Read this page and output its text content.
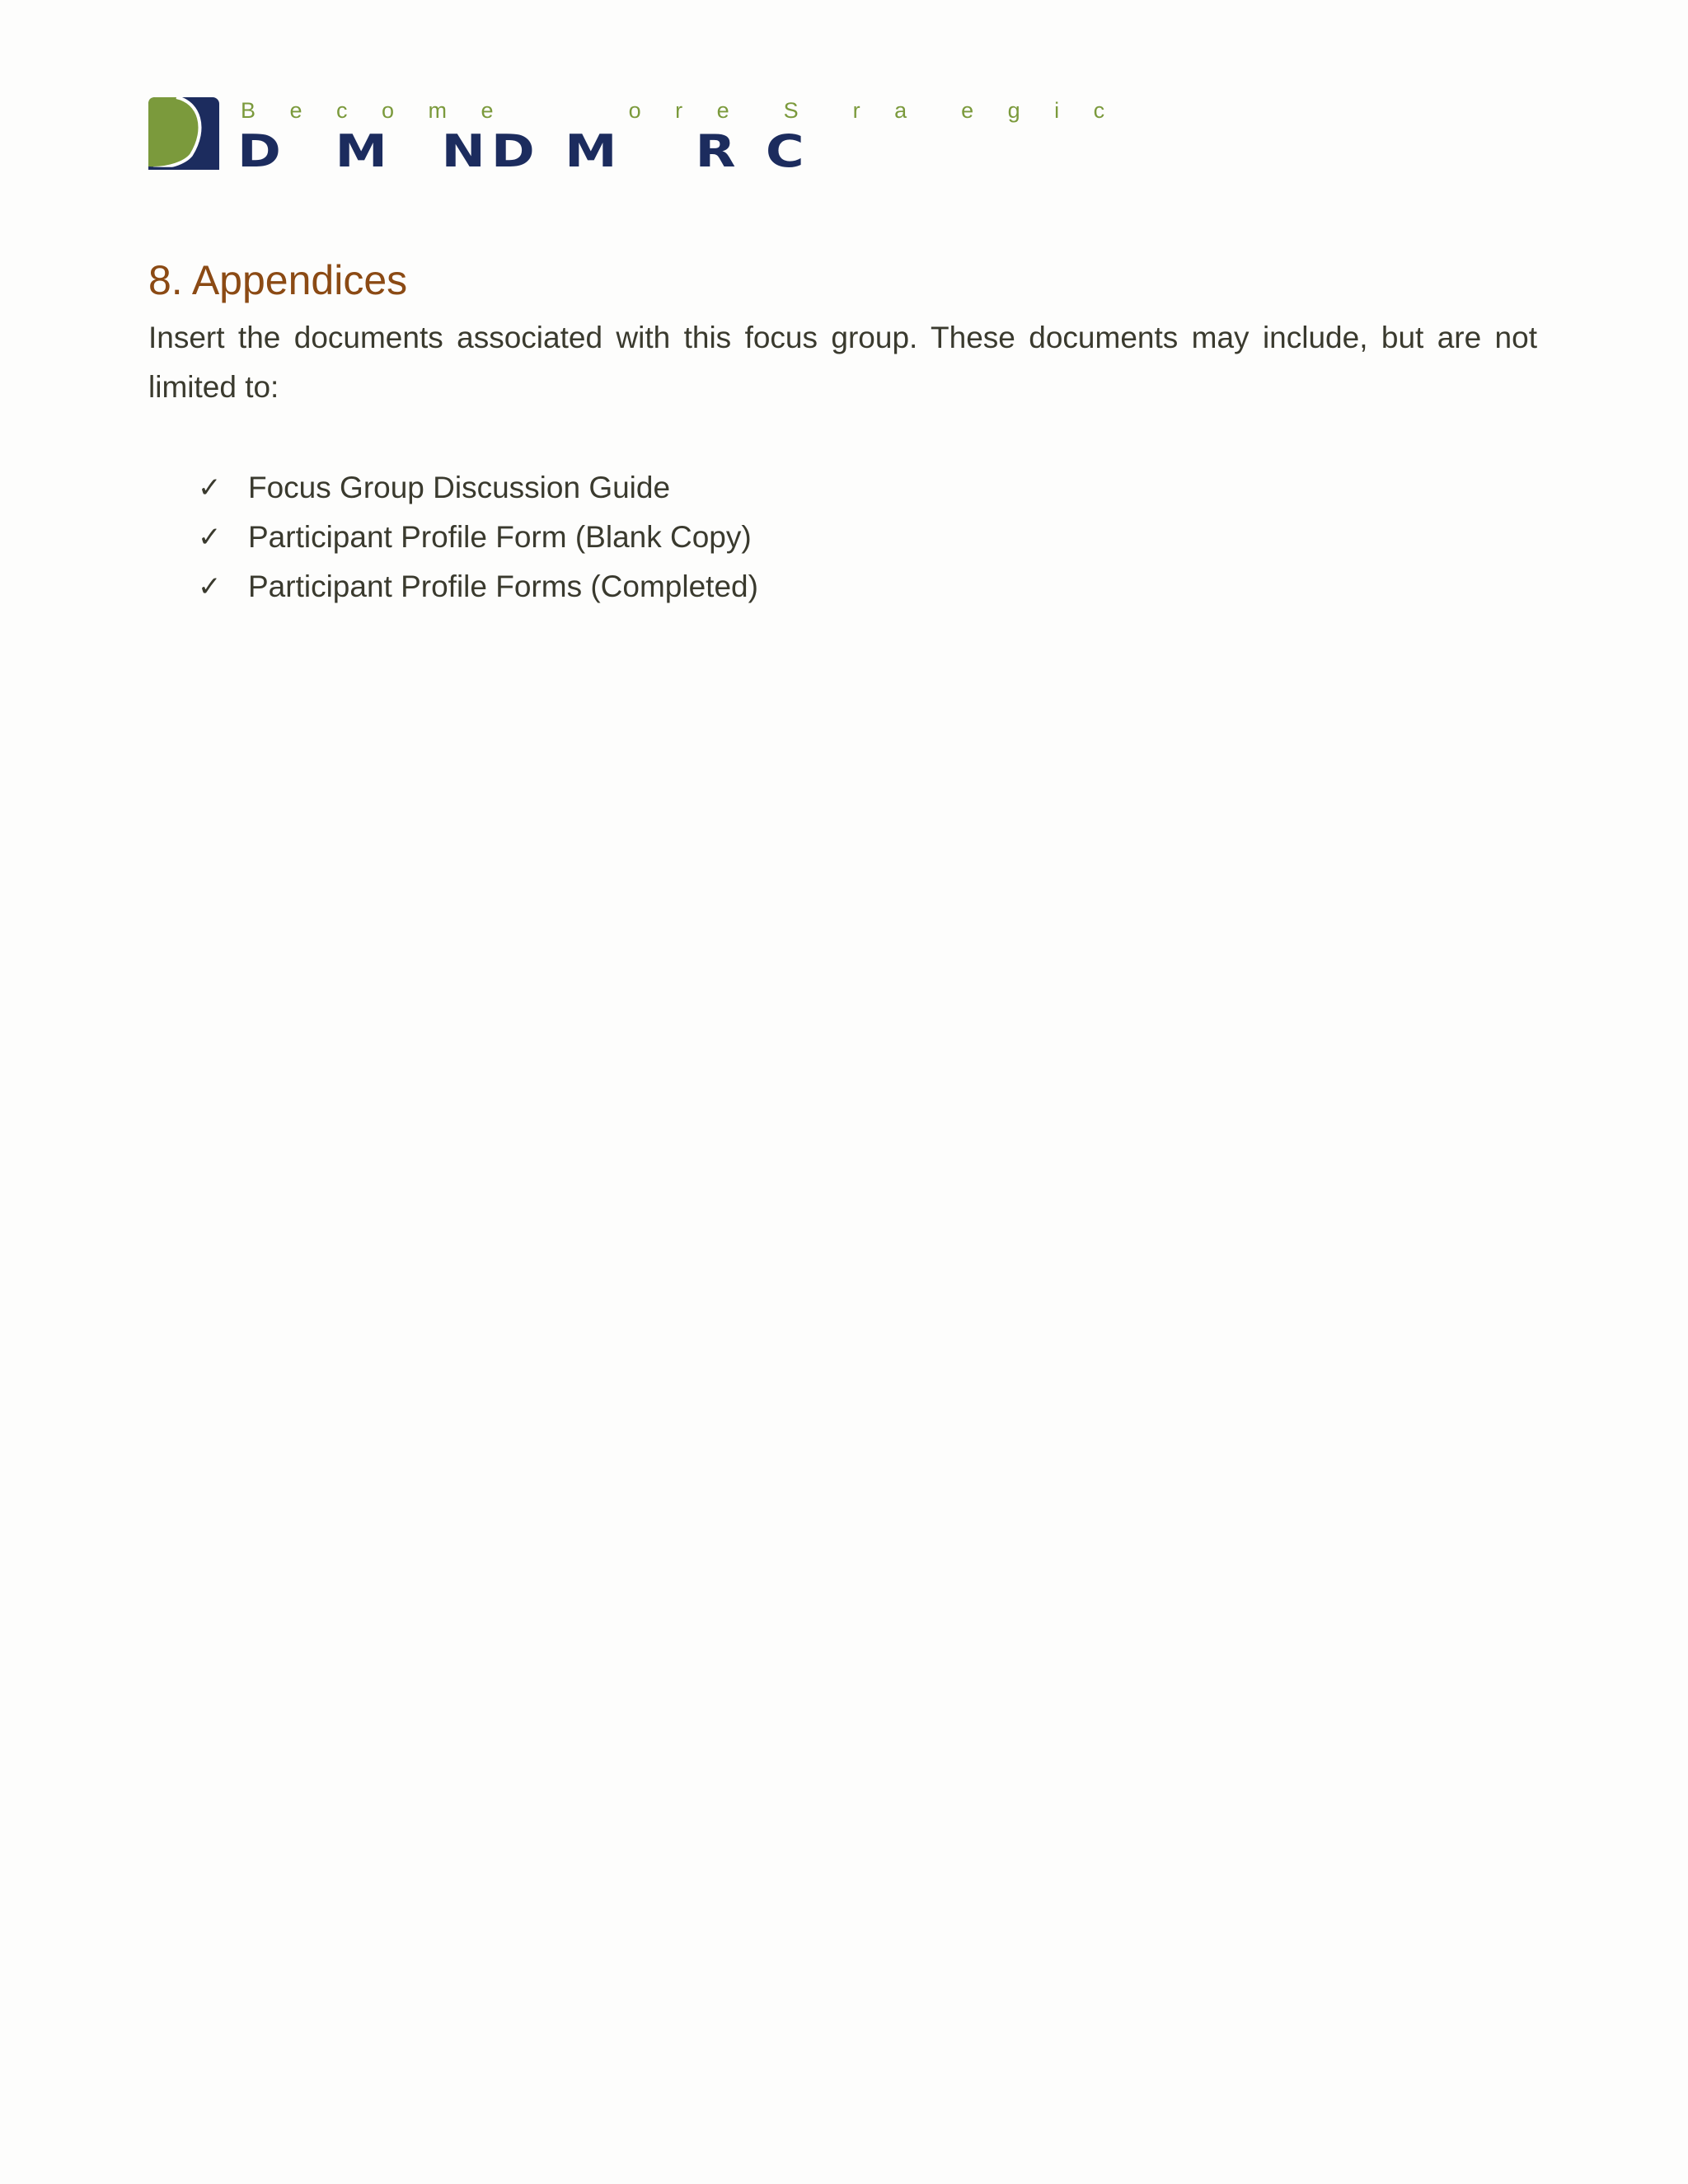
B e c o m e      o r e  S  r a  e g i c
D  M  ND M   R C
8. Appendices

Insert the documents associated with this focus group. These documents may include, but are not limited to:

✓ Focus Group Discussion Guide
✓ Participant Profile Form (Blank Copy)
✓ Participant Profile Forms (Completed)
